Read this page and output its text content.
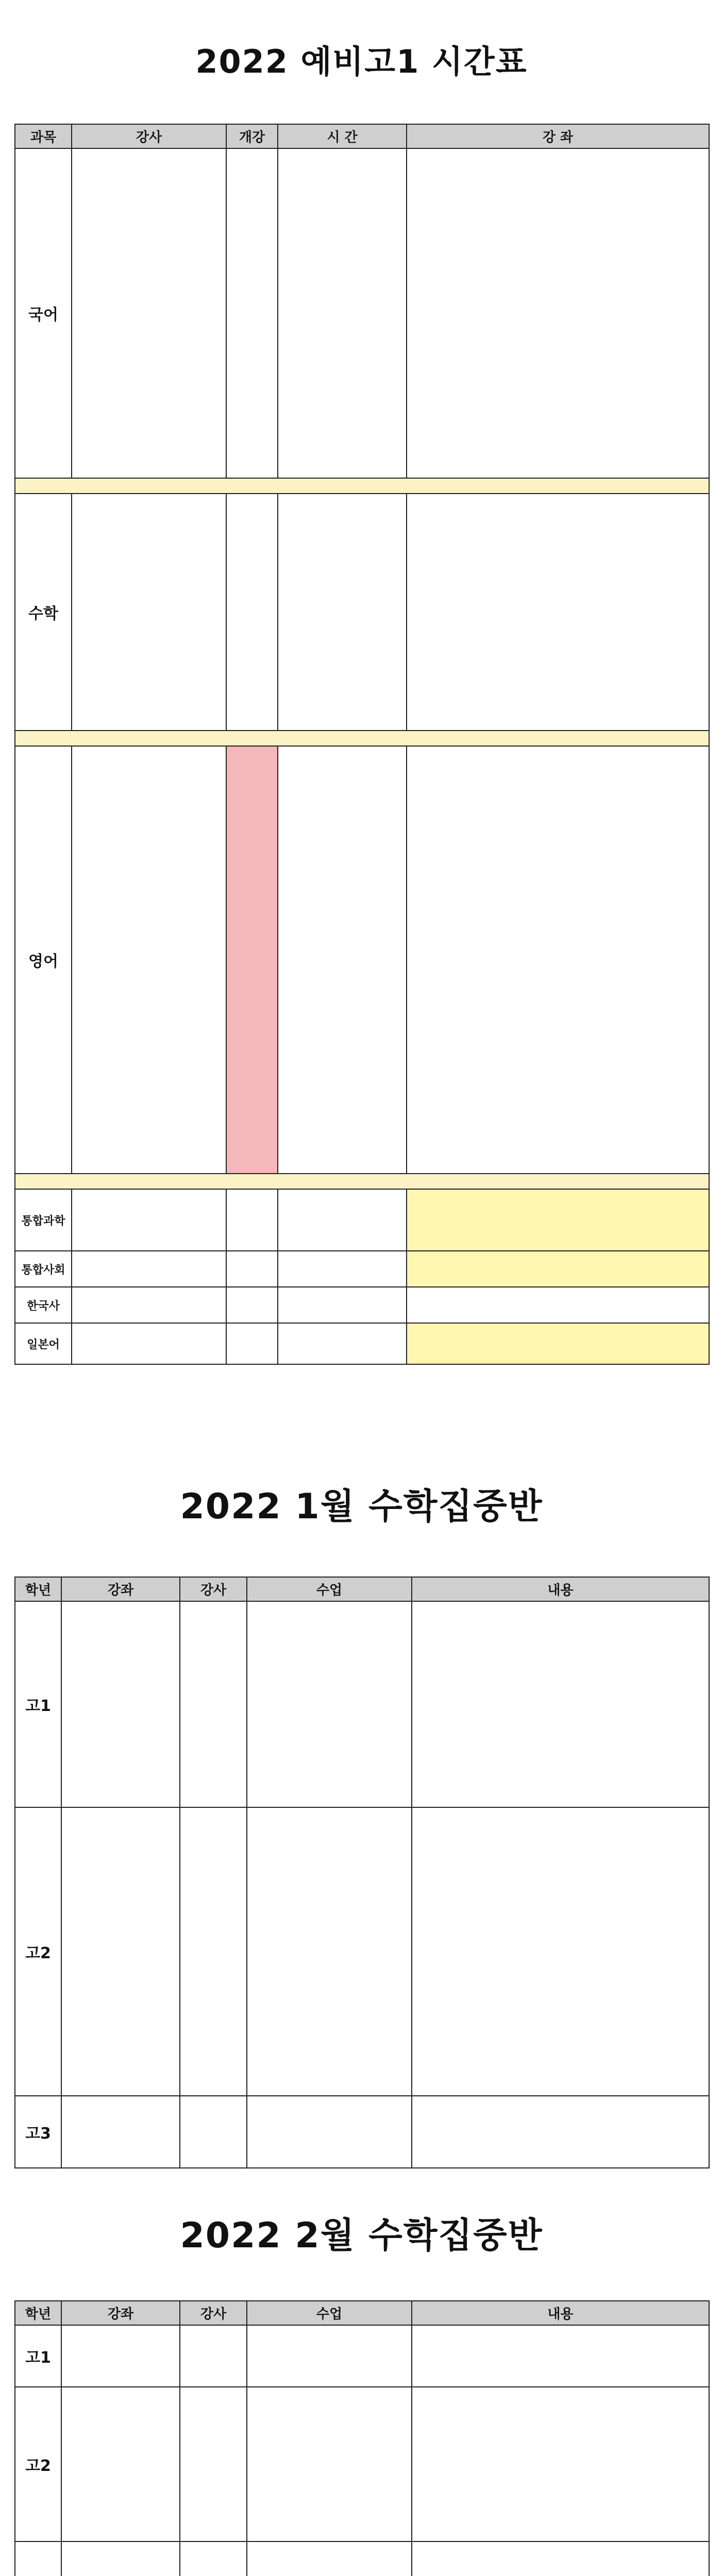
2022 예비고1 시간표
과목	강사	개강	시 간	강 좌
국어				

수학				

영어				

통합과학				
통합사회				
한국사				
일본어				
2022 1월 수학집중반
학년	강좌	강사	수업	내용
고1				
고2				
고3				
2022 2월 수학집중반
학년	강좌	강사	수업	내용
고1				
고2				
